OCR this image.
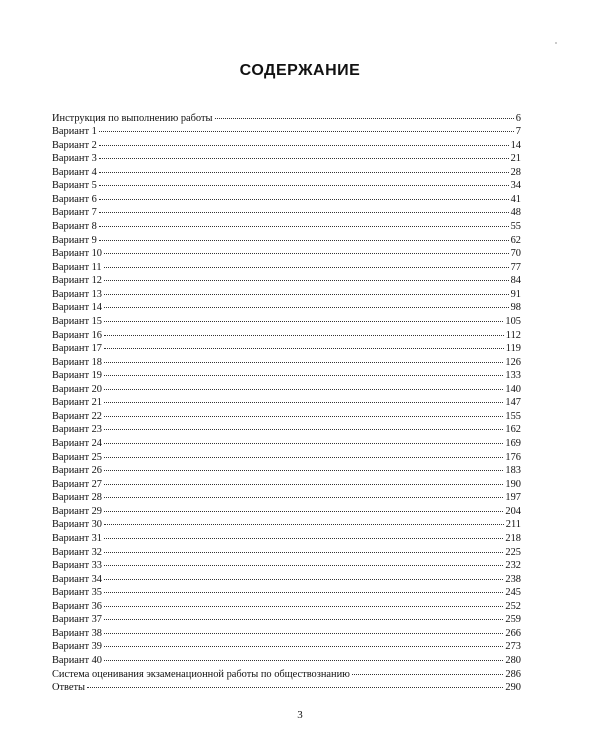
СОДЕРЖАНИЕ
Инструкция по выполнению работы	6
Вариант 1	7
Вариант 2	14
Вариант 3	21
Вариант 4	28
Вариант 5	34
Вариант 6	41
Вариант 7	48
Вариант 8	55
Вариант 9	62
Вариант 10	70
Вариант 11	77
Вариант 12	84
Вариант 13	91
Вариант 14	98
Вариант 15	105
Вариант 16	112
Вариант 17	119
Вариант 18	126
Вариант 19	133
Вариант 20	140
Вариант 21	147
Вариант 22	155
Вариант 23	162
Вариант 24	169
Вариант 25	176
Вариант 26	183
Вариант 27	190
Вариант 28	197
Вариант 29	204
Вариант 30	211
Вариант 31	218
Вариант 32	225
Вариант 33	232
Вариант 34	238
Вариант 35	245
Вариант 36	252
Вариант 37	259
Вариант 38	266
Вариант 39	273
Вариант 40	280
Система оценивания экзаменационной работы по обществознанию	286
Ответы	290
3
